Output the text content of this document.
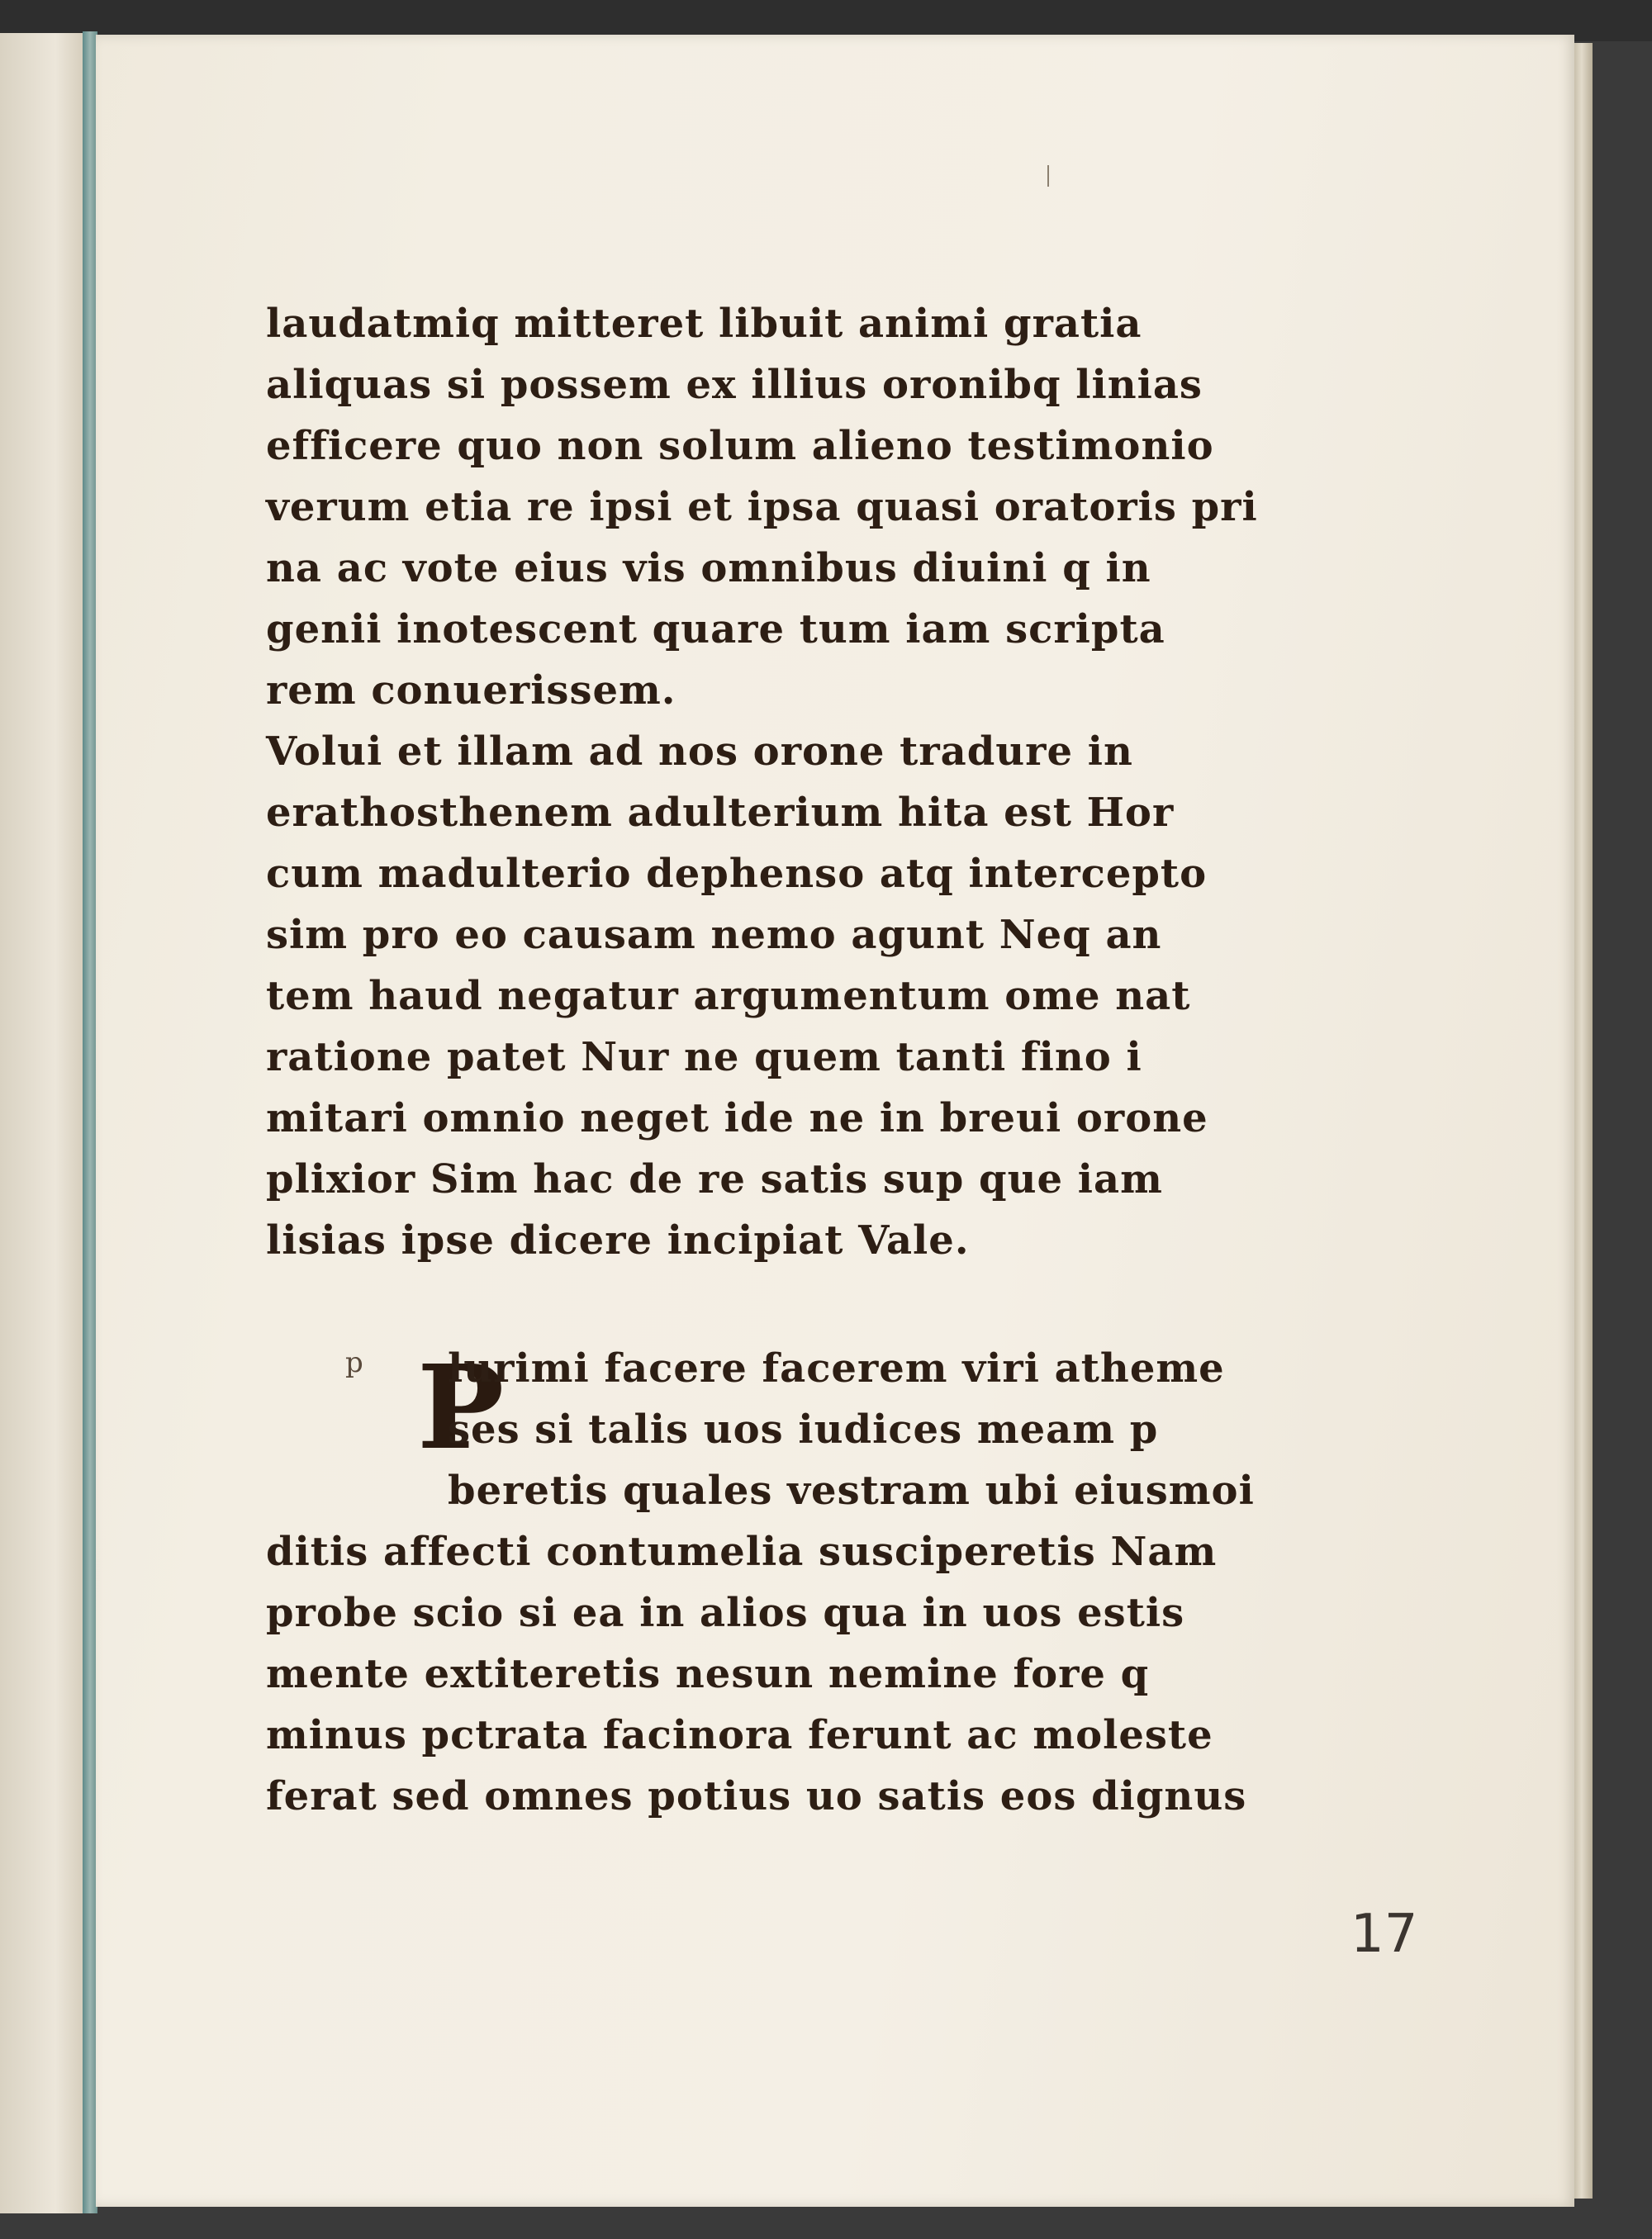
laudatmiq mitteret libuit animi gratia
aliquas si possem ex illius oronibq linias
efficere quo non solum alieno testimonio
verum etia re ipsi et ipsa quasi oratoris pri
na ac vote eius vis omnibus diuini q in
genii inotescent quare tum iam scripta
rem conuerissem.
Volui et illam ad nos orone tradure in
erathosthenem adulterium hita est Hor
cum madulterio dephenso atq intercepto
sim pro eo causam nemo agunt Neq an
tem haud negatur argumentum ome nat
ratione patet Nur ne quem tanti fino i
mitari omnio neget ide ne in breui orone
plixior Sim hac de re satis sup que iam
lisias ipse dicere incipiat Vale.
p P
lurimi facere facerem viri atheme
ses si talis uos iudices meam p
beretis quales vestram ubi eiusmoi
ditis affecti contumelia susciperetis Nam
probe scio si ea in alios qua in uos estis
mente extiteretis nesun nemine fore q
minus pctrata facinora ferunt ac moleste
ferat sed omnes potius uo satis eos dignus
17
